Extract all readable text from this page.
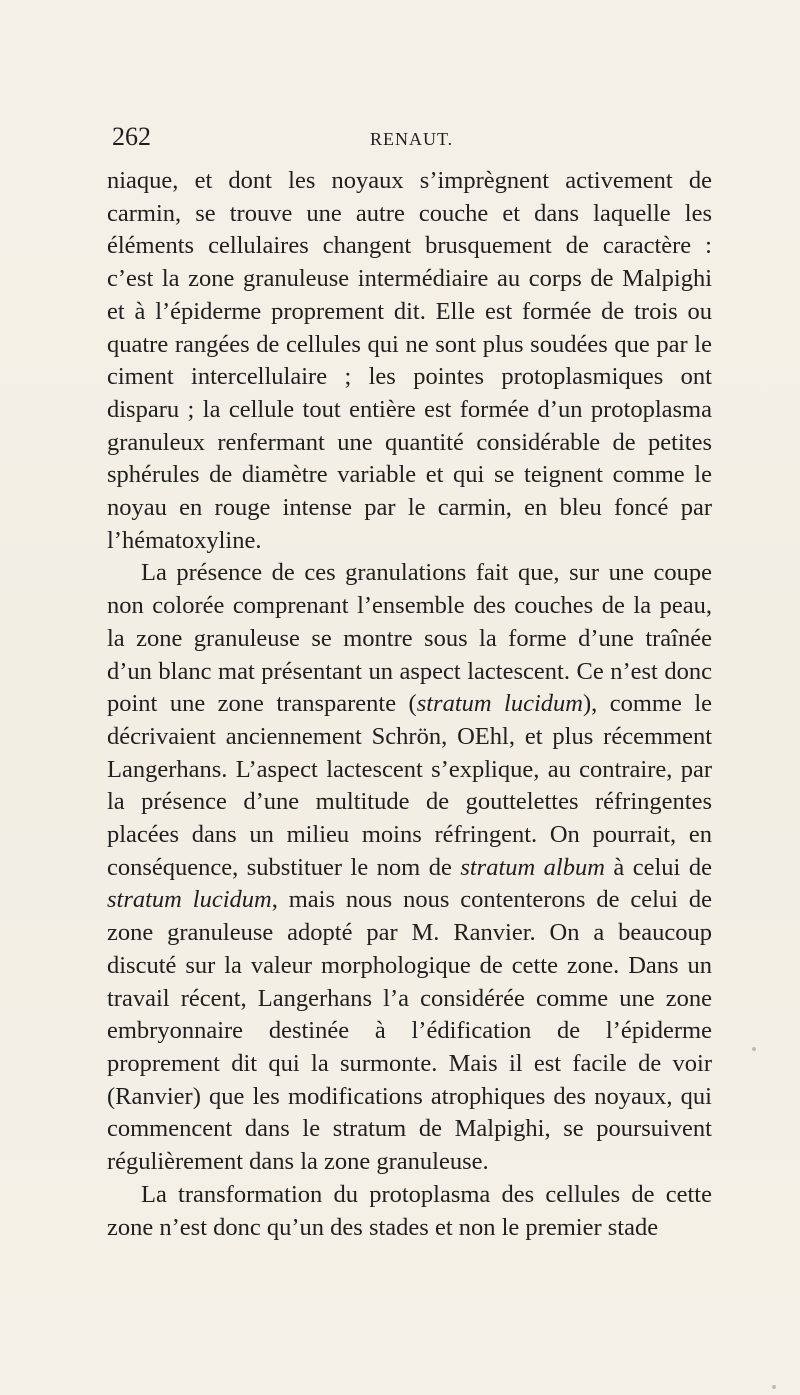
262	RENAUT.

niaque, et dont les noyaux s’imprègnent activement de carmin, se trouve une autre couche et dans laquelle les éléments cellulaires changent brusquement de caractère : c’est la zone granuleuse intermédiaire au corps de Malpighi et à l’épiderme proprement dit. Elle est formée de trois ou quatre rangées de cellules qui ne sont plus soudées que par le ciment intercellulaire ; les pointes protoplasmiques ont disparu ; la cellule tout entière est formée d’un protoplasma granuleux renfermant une quantité considérable de petites sphérules de diamètre variable et qui se teignent comme le noyau en rouge intense par le carmin, en bleu foncé par l’hématoxyline.

La présence de ces granulations fait que, sur une coupe non colorée comprenant l’ensemble des couches de la peau, la zone granuleuse se montre sous la forme d’une traînée d’un blanc mat présentant un aspect lactescent. Ce n’est donc point une zone transparente (stratum lucidum), comme le décrivaient anciennement Schrön, OEhl, et plus récemment Langerhans. L’aspect lactescent s’explique, au contraire, par la présence d’une multitude de gouttelettes réfringentes placées dans un milieu moins réfringent. On pourrait, en conséquence, substituer le nom de stratum album à celui de stratum lucidum, mais nous nous contenterons de celui de zone granuleuse adopté par M. Ranvier. On a beaucoup discuté sur la valeur morphologique de cette zone. Dans un travail récent, Langerhans l’a considérée comme une zone embryonnaire destinée à l’édification de l’épiderme proprement dit qui la surmonte. Mais il est facile de voir (Ranvier) que les modifications atrophiques des noyaux, qui commencent dans le stratum de Malpighi, se poursuivent régulièrement dans la zone granuleuse.

La transformation du protoplasma des cellules de cette zone n’est donc qu’un des stades et non le premier stade
